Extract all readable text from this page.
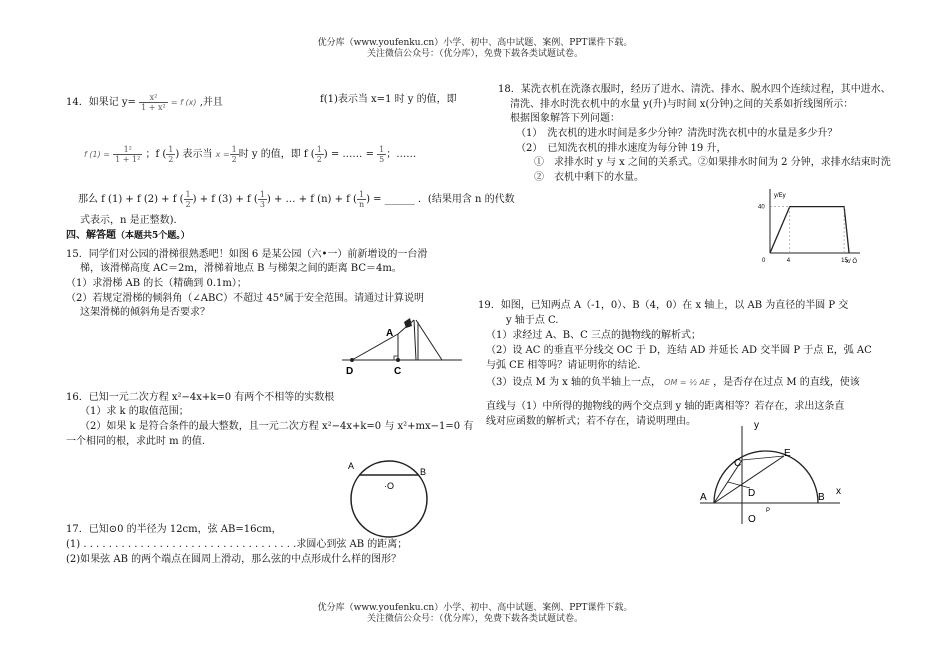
优分库（www.youfenku.cn）小学、初中、高中试题、案例、PPT课件下载。
关注微信公众号：（优分库），免费下载各类试题试卷。
14．如果记 $y= \frac{\text{x²}}{\text{1 + x²}} = f$ (x) ,并且	f(1)表示当 x=1 时 y 的值，即
f $(1) = \frac{\text{1²}}{\text{1 + 1²}}$ ；f ( $\frac{1}{2}$ ) 表示当 $x = \frac{1}{2}$ 时 y 的值，即 f ( $\frac{1}{2}$ ) = …… = $\frac{1}{5}$ ；……
那么 f (1) + f (2) + f ( $\frac{1}{2}$ ) + f (3) + f ( $\frac{1}{3}$ ) + … + f (n) + f ( $\frac{1}{n}$ ) = ______ ．(结果用含 n 的代数
式表示，n 是正整数)．
四、解答题（本题共5个题。）
15．同学们对公园的滑梯很熟悉吧！如图 6 是某公园（六•一）前新增设的一台滑
梯，该滑梯高度 AC＝2m，滑梯着地点 B 与梯架之间的距离 BC＝4m。
（1）求滑梯 AB 的长（精确到 0.1m）；
（2）若规定滑梯的倾斜角（∠ABC）不超过 45°属于安全范围。请通过计算说明
这架滑梯的倾斜角是否要求？
A
D	C
16．已知一元二次方程 x²−4x+k=0 有两个不相等的实数根
（1）求 k 的取值范围；
（2）如果 k 是符合条件的最大整数，且一元二次方程 x²−4x+k=0 与 x²+mx−1=0 有
一个相同的根，求此时 m 的值.
A
B
·O
17．已知⊙0 的半径为 12cm，弦 AB=16cm，
(1) . . . . . . . . . . . . . . . . . . . . . . . . . . . . . . . . . .求圆心到弦 AB 的距离；
(2)如果弦 AB 的两个端点在圆周上滑动，那么弦的中点形成什么样的图形？
18．某洗衣机在洗涤衣服时，经历了进水、清洗、排水、脱水四个连续过程，其中进水、
清洗、排水时洗衣机中的水量 y(升)与时间 x(分钟)之间的关系如折线图所示：
根据图象解答下列问题：
（1）　洗衣机的进水时间是多少分钟？清洗时洗衣机中的水量是多少升？
（2）　已知洗衣机的排水速度为每分钟 19 升，
①　求排水时 y 与 x 之间的关系式。②如果排水时间为 2 分钟，求排水结束时洗
②　衣机中剩下的水量。
y/Ey
x/ Ö
0	4	15
40
19．如图，已知两点 A（-1，0）、B（4，0）在 x 轴上，以 AB 为直径的半圆 P 交
y 轴于点 C.
（1）求经过 A、B、C 三点的抛物线的解析式；
（2）设 AC 的垂直平分线交 OC 于 D，连结 AD 并延长 AD 交半圆 P 于点 E，弧 AC
与弧 CE 相等吗？请证明你的结论.
（3）设点 M 为 x 轴的负半轴上一点， OM = ½ AE ，是否存在过点 M 的直线，使该
直线与（1）中所得的抛物线的两个交点到 y 轴的距离相等？若存在，求出这条直
线对应函数的解析式；若不存在，请说明理由。	y
x
A	B
C
D
E
O
P
优分库（www.youfenku.cn）小学、初中、高中试题、案例、PPT课件下载。
关注微信公众号：（优分库），免费下载各类试题试卷。
